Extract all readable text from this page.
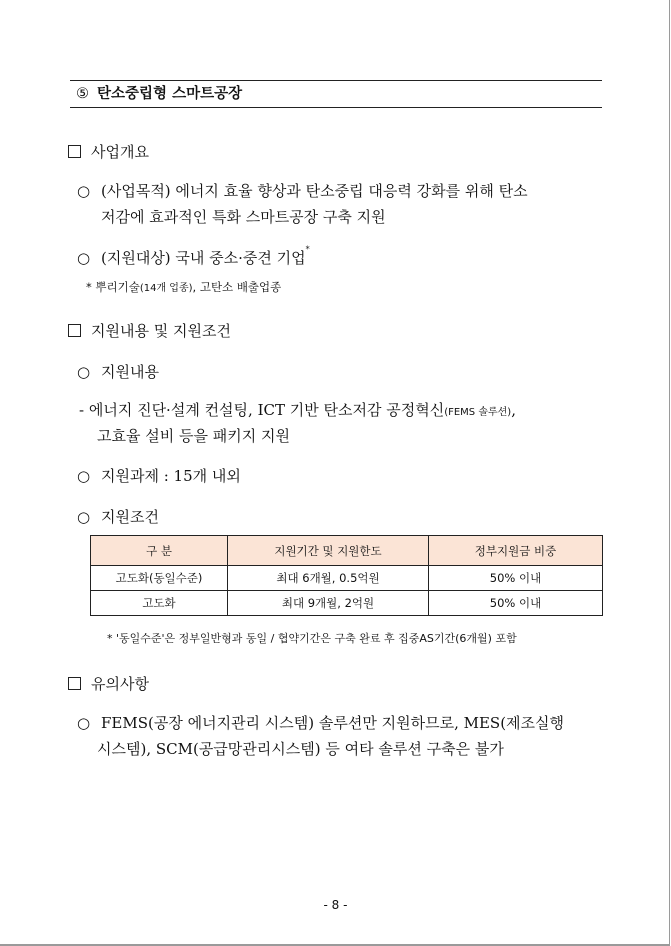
⑤ 탄소중립형 스마트공장
사업개요
○ (사업목적) 에너지 효율 향상과 탄소중립 대응력 강화를 위해 탄소
저감에 효과적인 특화 스마트공장 구축 지원
○ (지원대상) 국내 중소·중견 기업*
* 뿌리기술(14개 업종), 고탄소 배출업종
지원내용 및 지원조건
○ 지원내용
- 에너지 진단·설계 컨설팅, ICT 기반 탄소저감 공정혁신(FEMS 솔루션),
고효율 설비 등을 패키지 지원
○ 지원과제 : 15개 내외
○ 지원조건
구 분	지원기간 및 지원한도	정부지원금 비중
고도화(동일수준)	최대 6개월, 0.5억원	50% 이내
고도화	최대 9개월, 2억원	50% 이내
* '동일수준'은 정부일반형과 동일 / 협약기간은 구축 완료 후 집중AS기간(6개월) 포함
유의사항
○ FEMS(공장 에너지관리 시스템) 솔루션만 지원하므로, MES(제조실행
시스템), SCM(공급망관리시스템) 등 여타 솔루션 구축은 불가
- 8 -
